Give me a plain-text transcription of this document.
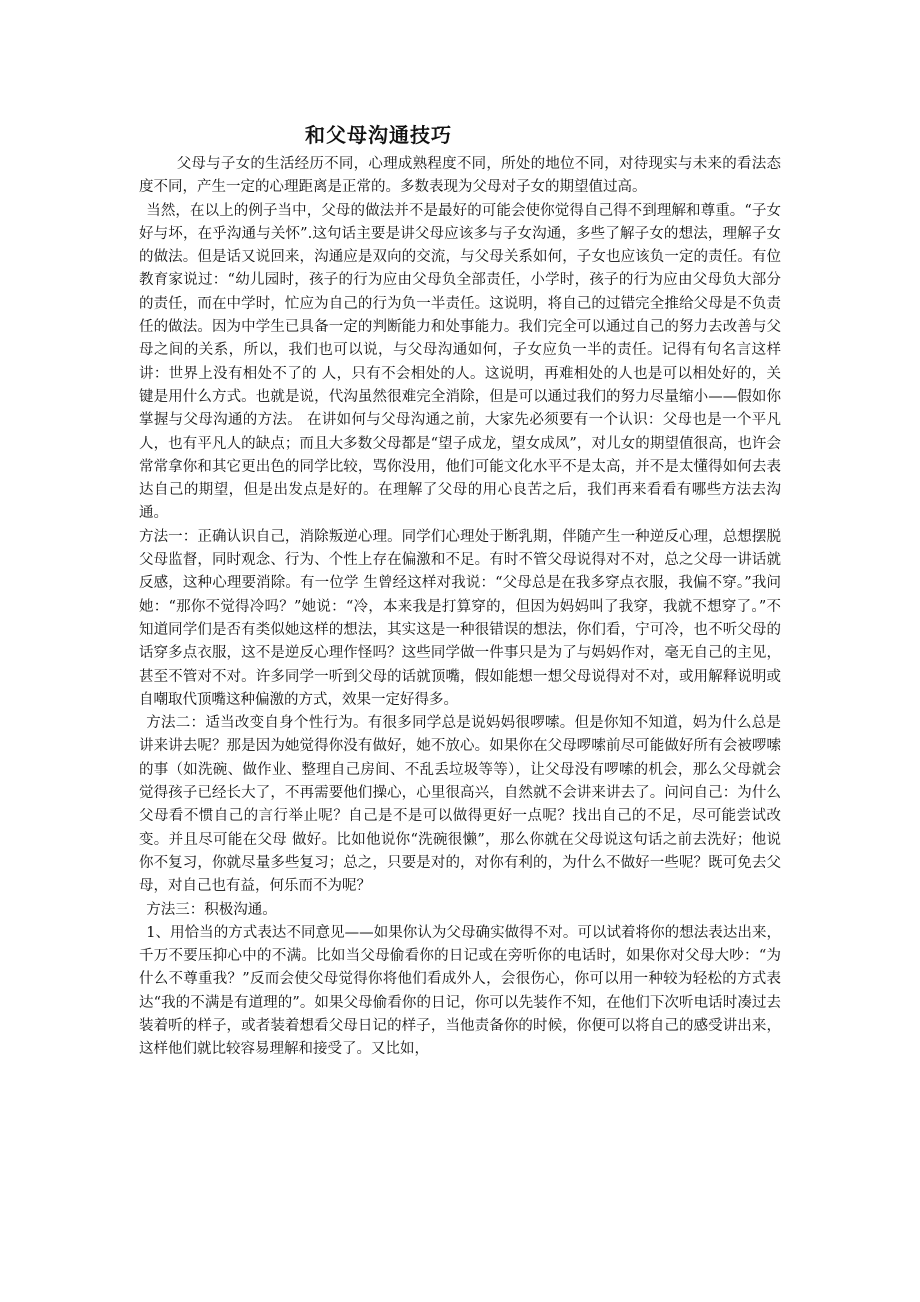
和父母沟通技巧

父母与子女的生活经历不同，心理成熟程度不同，所处的地位不同，对待现实与未来的看法态度不同，产生一定的心理距离是正常的。多数表现为父母对子女的期望值过高。

当然，在以上的例子当中，父母的做法并不是最好的可能会使你觉得自己得不到理解和尊重。“子女好与坏，在乎沟通与关怀”.这句话主要是讲父母应该多与子女沟通，多些了解子女的想法，理解子女的做法。但是话又说回来，沟通应是双向的交流，与父母关系如何，子女也应该负一定的责任。有位教育家说过：“幼儿园时，孩子的行为应由父母负全部责任，小学时，孩子的行为应由父母负大部分的责任，而在中学时，忙应为自己的行为负一半责任。这说明，将自己的过错完全推给父母是不负责任的做法。因为中学生已具备一定的判断能力和处事能力。我们完全可以通过自己的努力去改善与父母之间的关系，所以，我们也可以说，与父母沟通如何，子女应负一半的责任。记得有句名言这样讲：世界上没有相处不了的 人，只有不会相处的人。这说明，再难相处的人也是可以相处好的，关键是用什么方式。也就是说，代沟虽然很难完全消除，但是可以通过我们的努力尽量缩小——假如你掌握与父母沟通的方法。 在讲如何与父母沟通之前，大家先必须要有一个认识：父母也是一个平凡人，也有平凡人的缺点；而且大多数父母都是“望子成龙，望女成凤”，对儿女的期望值很高，也许会常常拿你和其它更出色的同学比较，骂你没用，他们可能文化水平不是太高，并不是太懂得如何去表达自己的期望，但是出发点是好的。在理解了父母的用心良苦之后，我们再来看看有哪些方法去沟通。

方法一：正确认识自己，消除叛逆心理。同学们心理处于断乳期，伴随产生一种逆反心理，总想摆脱父母监督，同时观念、行为、个性上存在偏激和不足。有时不管父母说得对不对，总之父母一讲话就反感，这种心理要消除。有一位学 生曾经这样对我说：“父母总是在我多穿点衣服，我偏不穿。”我问她：“那你不觉得冷吗？”她说：“冷，本来我是打算穿的，但因为妈妈叫了我穿，我就不想穿了。”不知道同学们是否有类似她这样的想法，其实这是一种很错误的想法，你们看，宁可冷，也不听父母的话穿多点衣服，这不是逆反心理作怪吗？这些同学做一件事只是为了与妈妈作对，毫无自己的主见，甚至不管对不对。许多同学一听到父母的话就顶嘴，假如能想一想父母说得对不对，或用解释说明或自嘲取代顶嘴这种偏激的方式，效果一定好得多。

方法二：适当改变自身个性行为。有很多同学总是说妈妈很啰嗦。但是你知不知道，妈为什么总是讲来讲去呢？那是因为她觉得你没有做好，她不放心。如果你在父母啰嗦前尽可能做好所有会被啰嗦的事（如洗碗、做作业、整理自己房间、不乱丢垃圾等等），让父母没有啰嗦的机会，那么父母就会觉得孩子已经长大了，不再需要他们操心，心里很高兴，自然就不会讲来讲去了。问问自己：为什么父母看不惯自己的言行举止呢？自己是不是可以做得更好一点呢？找出自己的不足，尽可能尝试改变。并且尽可能在父母 做好。比如他说你“洗碗很懒”，那么你就在父母说这句话之前去洗好；他说你不复习，你就尽量多些复习；总之，只要是对的，对你有利的，为什么不做好一些呢？既可免去父母，对自己也有益，何乐而不为呢？

方法三：积极沟通。

1、用恰当的方式表达不同意见——如果你认为父母确实做得不对。可以试着将你的想法表达出来，千万不要压抑心中的不满。比如当父母偷看你的日记或在旁听你的电话时，如果你对父母大吵：“为什么不尊重我？”反而会使父母觉得你将他们看成外人，会很伤心，你可以用一种较为轻松的方式表达“我的不满是有道理的”。如果父母偷看你的日记，你可以先装作不知，在他们下次听电话时凑过去装着听的样子，或者装着想看父母日记的样子，当他责备你的时候，你便可以将自己的感受讲出来，这样他们就比较容易理解和接受了。又比如，
